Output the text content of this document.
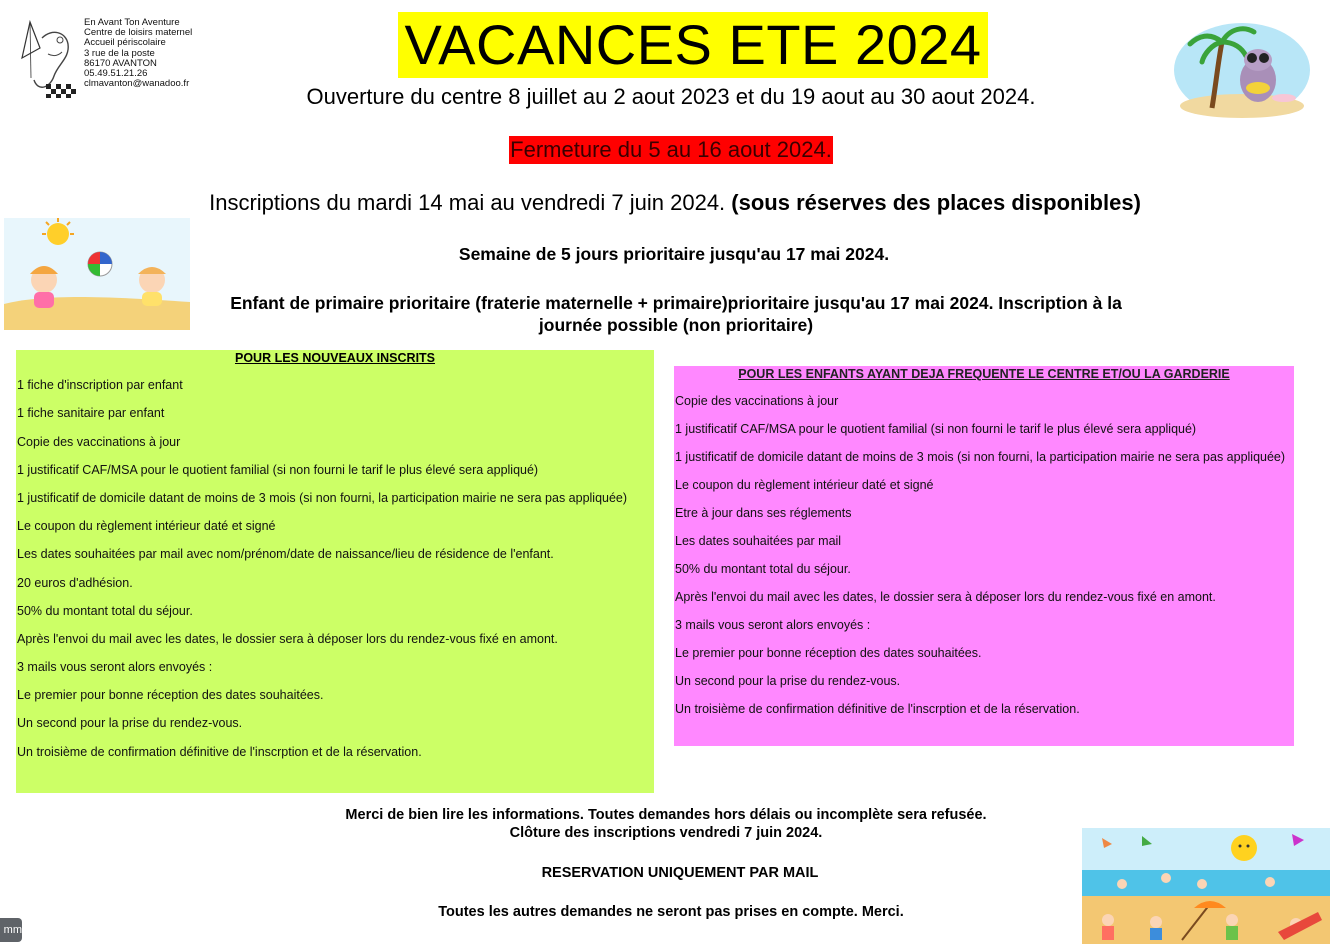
En Avant Ton Aventure
Centre de loisirs maternel
Accueil périscolaire
3 rue de la poste
86170 AVANTON
05.49.51.21.26
clmavanton@wanadoo.fr
VACANCES ETE 2024
Ouverture du centre 8 juillet au 2 aout 2023 et du 19 aout au 30 aout 2024.
Fermeture du 5 au 16 aout 2024.
Inscriptions du mardi 14 mai au vendredi 7 juin 2024. (sous réserves des places disponibles)
Semaine de 5 jours prioritaire jusqu'au 17 mai 2024.
Enfant de primaire prioritaire (fraterie maternelle + primaire)prioritaire jusqu'au 17 mai 2024. Inscription à la
journée possible (non prioritaire)
POUR LES NOUVEAUX INSCRITS
1 fiche d'inscription par enfant
1 fiche sanitaire par enfant
Copie des vaccinations à jour
1 justificatif CAF/MSA pour le quotient familial (si non fourni le tarif le plus élevé sera appliqué)
1 justificatif de domicile datant de moins de 3 mois (si non fourni, la participation mairie ne sera pas appliquée)
Le coupon du règlement intérieur daté et signé
Les dates souhaitées par mail avec nom/prénom/date de naissance/lieu de résidence de l'enfant.
20 euros d'adhésion.
50% du montant total du séjour.
Après l'envoi du mail avec les dates, le dossier sera à déposer lors du rendez-vous fixé en amont.
3 mails vous seront alors envoyés :
Le premier pour bonne réception des dates souhaitées.
Un second pour la prise du rendez-vous.
Un troisième de confirmation définitive de l'inscrption et de la réservation.
POUR LES ENFANTS AYANT DEJA FREQUENTE LE CENTRE ET/OU LA GARDERIE
Copie des vaccinations à jour
1 justificatif CAF/MSA pour le quotient familial (si non fourni le tarif le plus élevé sera appliqué)
1 justificatif de domicile datant de moins de 3 mois (si non fourni, la participation mairie ne sera pas appliquée)
Le coupon du règlement intérieur daté et signé
Etre à jour dans ses réglements
Les dates souhaitées par mail
50% du montant total du séjour.
Après l'envoi du mail avec les dates, le dossier sera à déposer lors du rendez-vous fixé en amont.
3 mails vous seront alors envoyés :
Le premier pour bonne réception des dates souhaitées.
Un second pour la prise du rendez-vous.
Un troisième de confirmation définitive de l'inscrption et de la réservation.
Merci de bien lire les informations. Toutes demandes hors délais ou incomplète sera refusée.
Clôture des inscriptions vendredi 7 juin 2024.
RESERVATION UNIQUEMENT PAR MAIL
Toutes les autres demandes ne seront pas prises en compte. Merci.
mm
